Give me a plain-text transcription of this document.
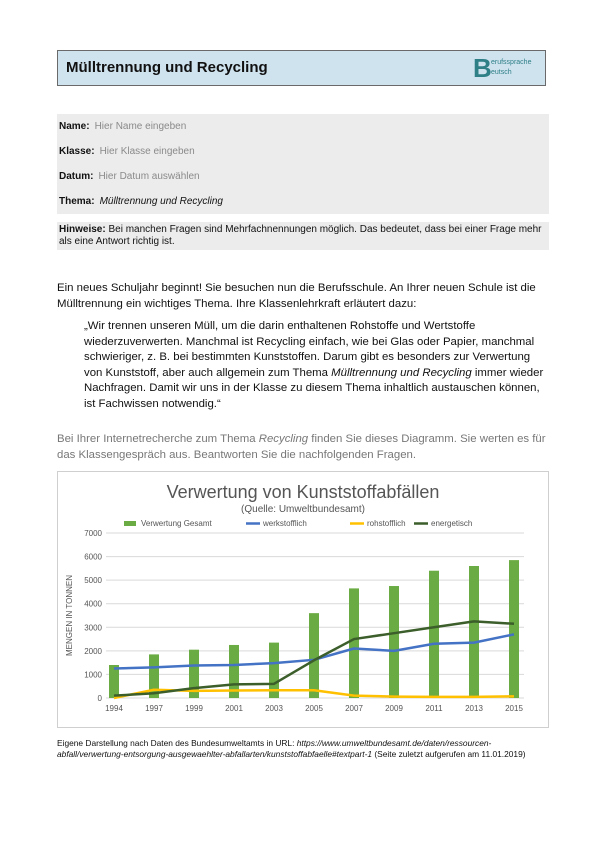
Mülltrennung und Recycling	B erufssprache
eutsch
Name: Hier Name eingeben
Klasse: Hier Klasse eingeben
Datum: Hier Datum auswählen
Thema: Mülltrennung und Recycling
Hinweise: Bei manchen Fragen sind Mehrfachnennungen möglich. Das bedeutet, dass bei einer Frage mehr als eine Antwort richtig ist.
Ein neues Schuljahr beginnt! Sie besuchen nun die Berufsschule. An Ihrer neuen Schule ist die Mülltrennung ein wichtiges Thema. Ihre Klassenlehrkraft erläutert dazu:
„Wir trennen unseren Müll, um die darin enthaltenen Rohstoffe und Wertstoffe wiederzuverwerten. Manchmal ist Recycling einfach, wie bei Glas oder Papier, manchmal schwieriger, z. B. bei bestimmten Kunststoffen. Darum gibt es besonders zur Verwertung von Kunststoff, aber auch allgemein zum Thema Mülltrennung und Recycling immer wieder Nachfragen. Damit wir uns in der Klasse zu diesem Thema inhaltlich austauschen können, ist Fachwissen notwendig.“
Bei Ihrer Internetrecherche zum Thema Recycling finden Sie dieses Diagramm. Sie werten es für das Klassengespräch aus. Beantworten Sie die nachfolgenden Fragen.
Verwertung von Kunststoffabfällen
(Quelle: Umweltbundesamt)
0
1000
2000
3000
4000
5000
6000
7000
MENGEN IN TONNEN
1994	1997	1999	2001	2003	2005	2007	2009	2011	2013	2015
Verwertung Gesamt	werkstofflich	rohstofflich	energetisch
Eigene Darstellung nach Daten des Bundesumweltamts in URL: https://www.umweltbundesamt.de/daten/ressourcen-abfall/verwertung-entsorgung-ausgewaehlter-abfallarten/kunststoffabfaelle#textpart-1 (Seite zuletzt aufgerufen am 11.01.2019)
